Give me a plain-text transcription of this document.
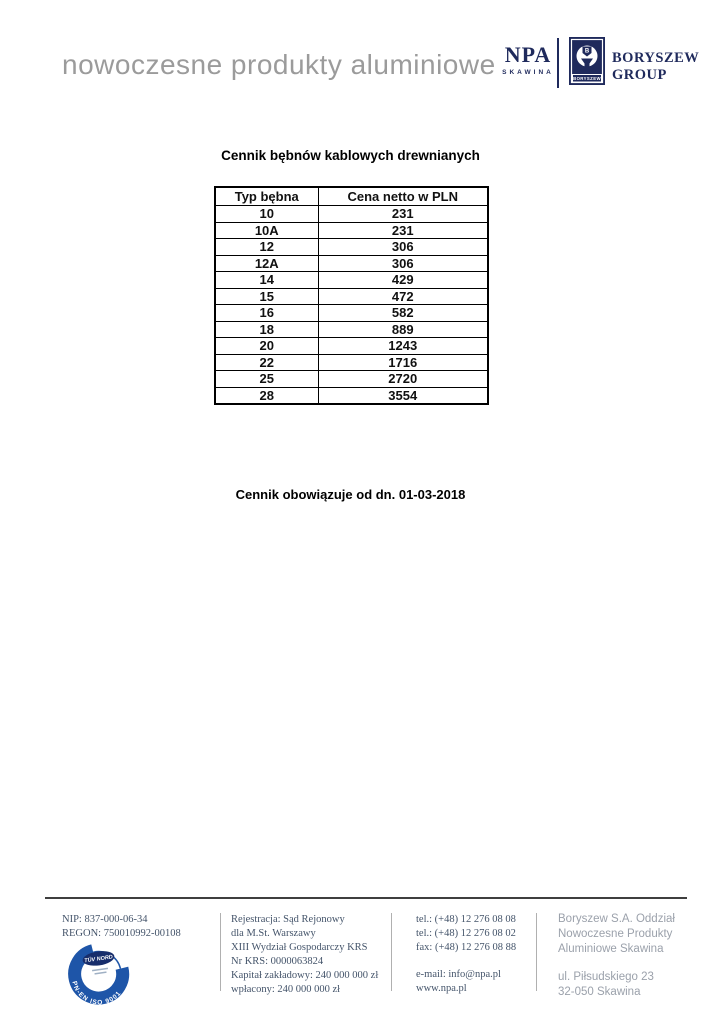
nowoczesne produkty aluminiowe NPA
SKAWINA
B
BORYSZEW
BORYSZEW
GROUP
Cennik bębnów kablowych drewnianych
Typ bębna	Cena netto w PLN
10	231
10A	231
12	306
12A	306
14	429
15	472
16	582
18	889
20	1243
22	1716
25	2720
28	3554
Cennik obowiązuje od dn. 01-03-2018
NIP: 837-000-06-34
REGON: 750010992-00108
TÜV NORD
PN-EN ISO 9001
Rejestracja: Sąd Rejonowy
dla M.St. Warszawy
XIII Wydział Gospodarczy KRS
Nr KRS: 0000063824
Kapitał zakładowy: 240 000 000 zł
wpłacony: 240 000 000 zł
tel.: (+48) 12 276 08 08
tel.: (+48) 12 276 08 02
fax: (+48) 12 276 08 88
e-mail: info@npa.pl
www.npa.pl
Boryszew S.A. Oddział
Nowoczesne Produkty
Aluminiowe Skawina
ul. Piłsudskiego 23
32-050 Skawina
